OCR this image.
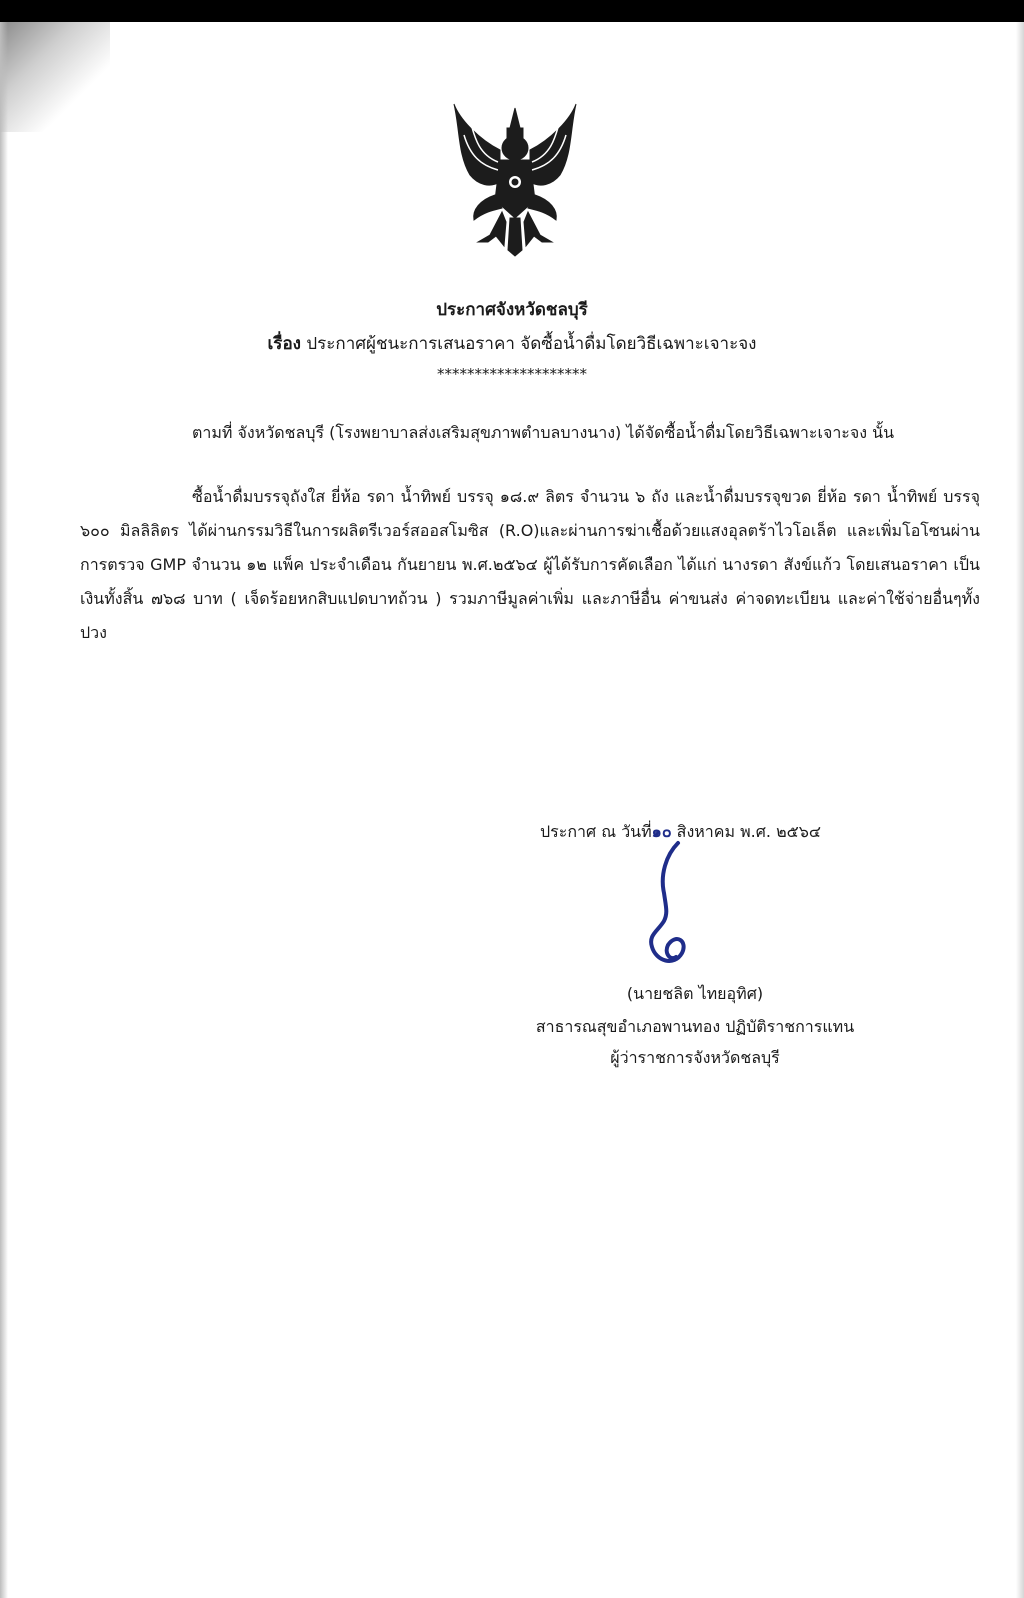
ประกาศจังหวัดชลบุรี

เรื่อง ประกาศผู้ชนะการเสนอราคา จัดซื้อน้ำดื่มโดยวิธีเฉพาะเจาะจง

********************

ตามที่ จังหวัดชลบุรี (โรงพยาบาลส่งเสริมสุขภาพตำบลบางนาง) ได้จัดซื้อน้ำดื่มโดยวิธีเฉพาะเจาะจง นั้น

ซื้อน้ำดื่มบรรจุถังใส ยี่ห้อ รดา น้ำทิพย์ บรรจุ ๑๘.๙ ลิตร จำนวน ๖ ถัง และน้ำดื่มบรรจุขวด ยี่ห้อ รดา น้ำทิพย์ บรรจุ ๖๐๐ มิลลิลิตร ได้ผ่านกรรมวิธีในการผลิตรีเวอร์สออสโมซิส (R.O)และผ่านการฆ่าเชื้อด้วยแสงอุลตร้าไวโอเล็ต และเพิ่มโอโซนผ่านการตรวจ GMP จำนวน ๑๒ แพ็ค ประจำเดือน กันยายน พ.ศ.๒๕๖๔ ผู้ได้รับการคัดเลือก ได้แก่ นางรดา สังข์แก้ว โดยเสนอราคา เป็นเงินทั้งสิ้น ๗๖๘ บาท ( เจ็ดร้อยหกสิบแปดบาทถ้วน ) รวมภาษีมูลค่าเพิ่ม และภาษีอื่น ค่าขนส่ง ค่าจดทะเบียน และค่าใช้จ่ายอื่นๆทั้งปวง

ประกาศ ณ วันที่๑๐ สิงหาคม พ.ศ. ๒๕๖๔

(นายชลิต ไทยอุทิศ)

สาธารณสุขอำเภอพานทอง ปฏิบัติราชการแทน

ผู้ว่าราชการจังหวัดชลบุรี
